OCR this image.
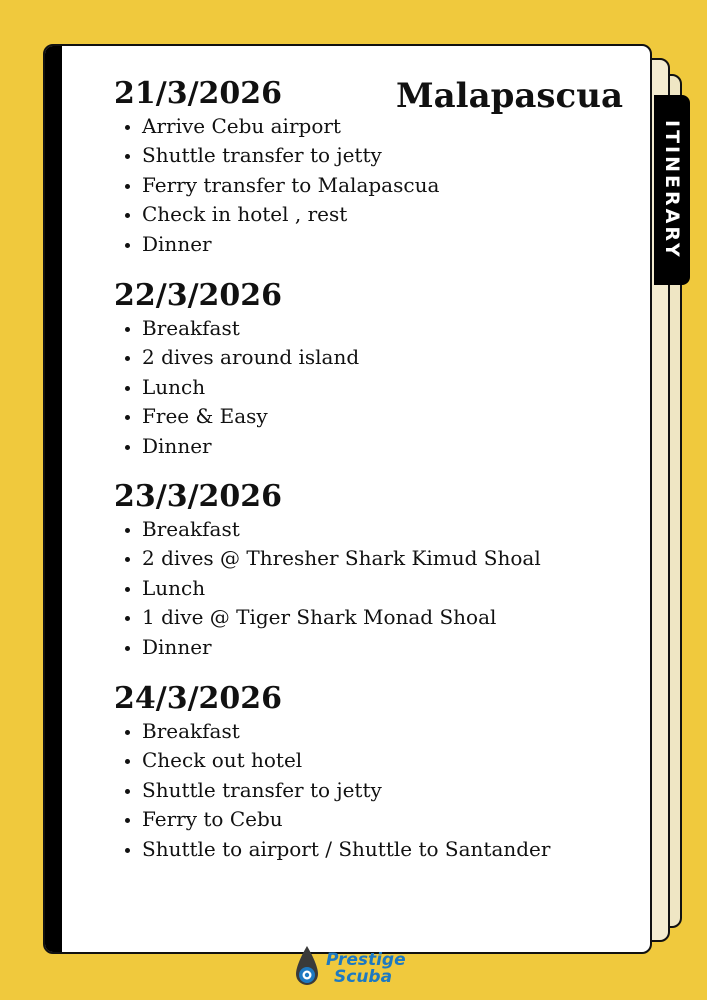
ITINERARY
Malapascua
21/3/2026
• Arrive Cebu airport
• Shuttle transfer to jetty
• Ferry transfer to Malapascua
• Check in hotel , rest
• Dinner
22/3/2026
• Breakfast
• 2 dives around island
• Lunch
• Free & Easy
• Dinner
23/3/2026
• Breakfast
• 2 dives @ Thresher Shark Kimud Shoal
• Lunch
• 1 dive @ Tiger Shark Monad Shoal
• Dinner
24/3/2026
• Breakfast
• Check out hotel
• Shuttle transfer to jetty
• Ferry to Cebu
• Shuttle to airport / Shuttle to Santander
Prestige
Scuba
